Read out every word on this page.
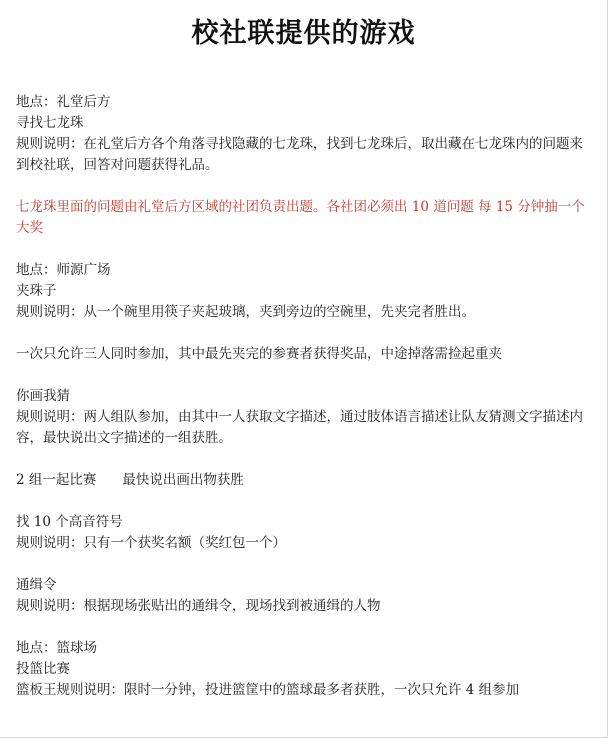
校社联提供的游戏
地点：礼堂后方
寻找七龙珠
规则说明：在礼堂后方各个角落寻找隐藏的七龙珠，找到七龙珠后，取出藏在七龙珠内的问题来到校社联，回答对问题获得礼品。
七龙珠里面的问题由礼堂后方区域的社团负责出题。各社团必须出 10 道问题 每 15 分钟抽一个大奖
地点：师源广场
夹珠子
规则说明：从一个碗里用筷子夹起玻璃，夹到旁边的空碗里，先夹完者胜出。
一次只允许三人同时参加，其中最先夹完的参赛者获得奖品，中途掉落需捡起重夹
你画我猜
规则说明：两人组队参加，由其中一人获取文字描述，通过肢体语言描述让队友猜测文字描述内容，最快说出文字描述的一组获胜。
2 组一起比赛 最快说出画出物获胜
找 10 个高音符号
规则说明：只有一个获奖名额（奖红包一个）
通缉令
规则说明：根据现场张贴出的通缉令，现场找到被通缉的人物
地点：篮球场
投篮比赛
篮板王规则说明：限时一分钟，投进篮筐中的篮球最多者获胜，一次只允许 4 组参加
